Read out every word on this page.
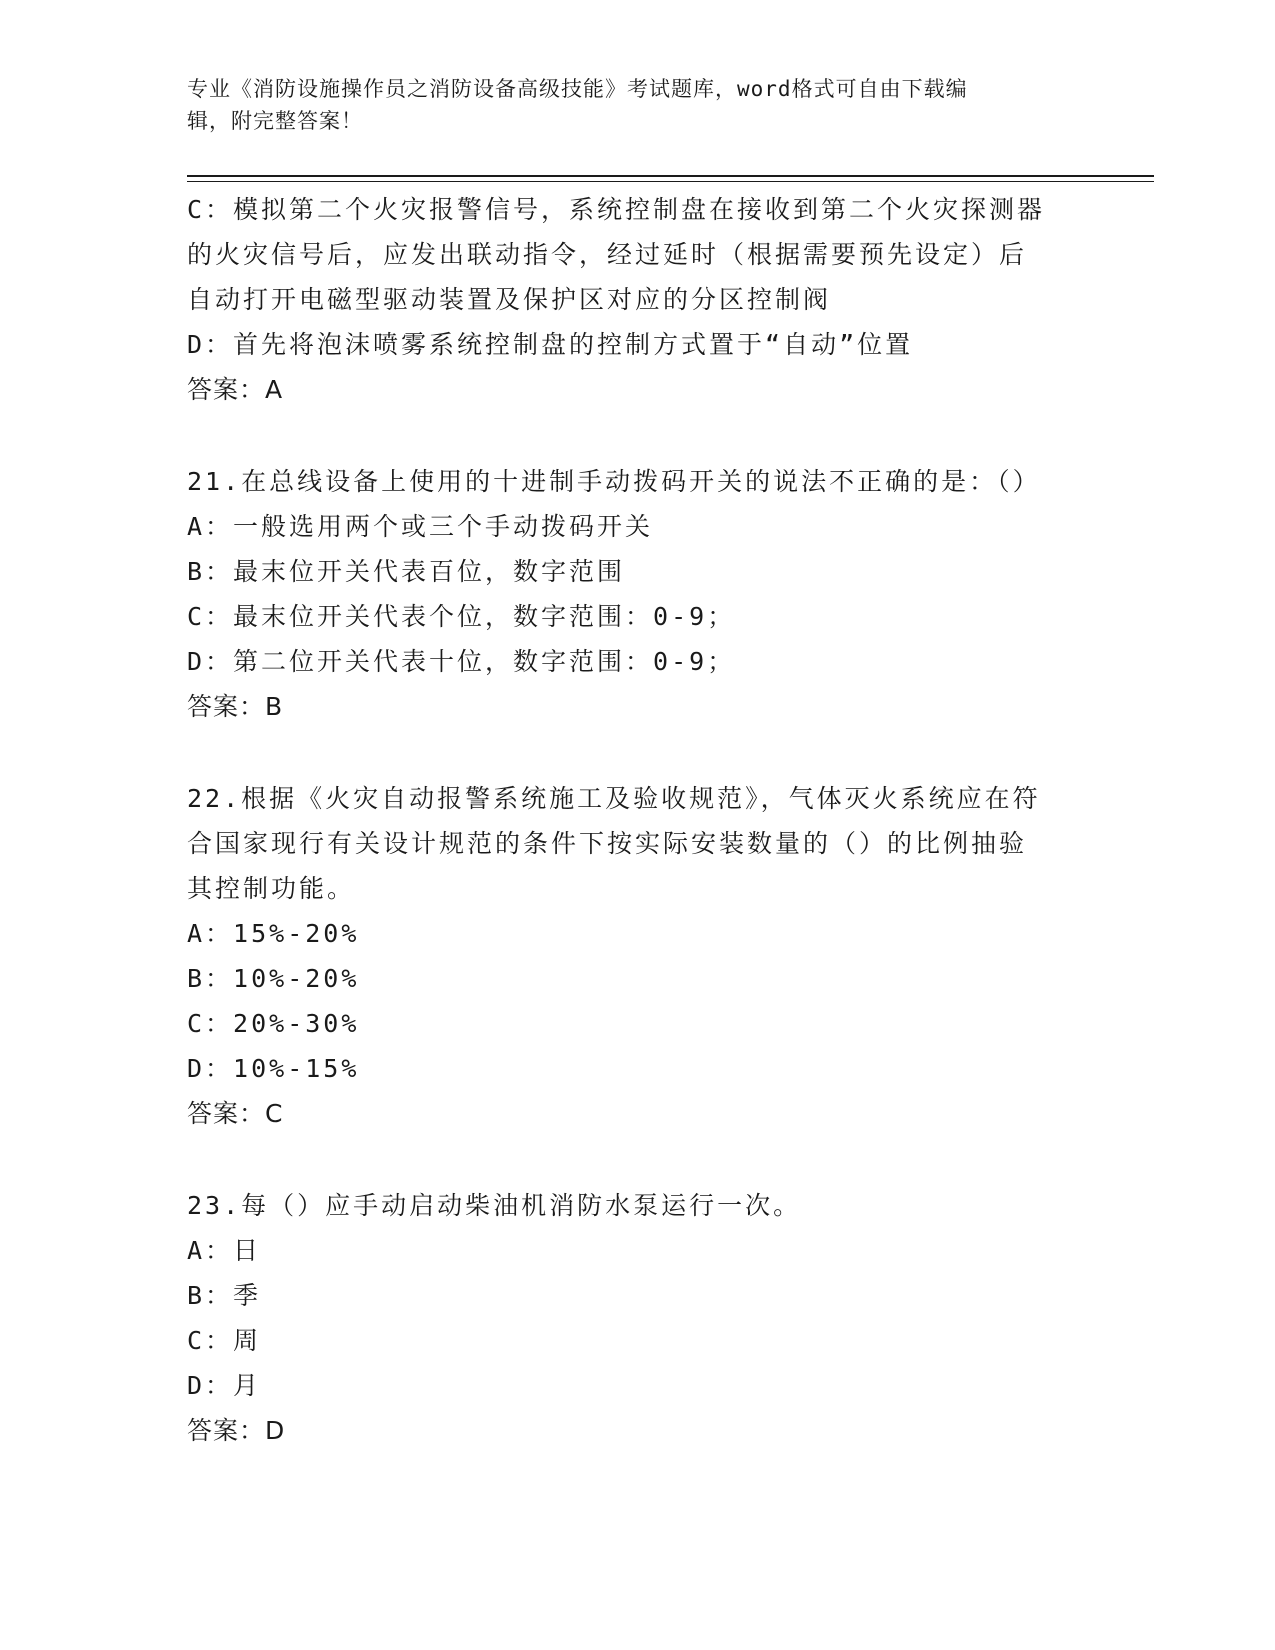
专业《消防设施操作员之消防设备高级技能》考试题库，word格式可自由下载编
辑，附完整答案！
C：模拟第二个火灾报警信号，系统控制盘在接收到第二个火灾探测器
的火灾信号后，应发出联动指令，经过延时（根据需要预先设定）后
自动打开电磁型驱动装置及保护区对应的分区控制阀
D：首先将泡沫喷雾系统控制盘的控制方式置于“自动”位置
答案：A
21.在总线设备上使用的十进制手动拨码开关的说法不正确的是：（）
A：一般选用两个或三个手动拨码开关
B：最末位开关代表百位，数字范围
C：最末位开关代表个位，数字范围：0-9；
D：第二位开关代表十位，数字范围：0-9；
答案：B
22.根据《火灾自动报警系统施工及验收规范》，气体灭火系统应在符
合国家现行有关设计规范的条件下按实际安装数量的（）的比例抽验
其控制功能。
A：15%-20%
B：10%-20%
C：20%-30%
D：10%-15%
答案：C
23.每（）应手动启动柴油机消防水泵运行一次。
A：日
B：季
C：周
D：月
答案：D
